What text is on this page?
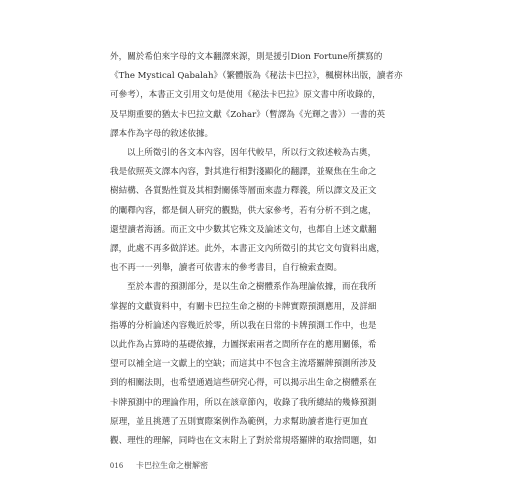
外，關於希伯來字母的文本翻譯來源，則是援引Dion Fortune所撰寫的
《The Mystical Qabalah》（繁體版為《秘法卡巴拉》，楓樹林出版，讀者亦
可參考），本書正文引用文句是使用《秘法卡巴拉》原文書中所收錄的，
及早期重要的猶太卡巴拉文獻《Zohar》（暫譯為《光輝之書》）一書的英
譯本作為字母的敘述依據。
以上所徵引的各文本內容，因年代較早，所以行文敘述較為古奧，
我是依照英文譯本內容，對其進行相對淺顯化的翻譯，並聚焦在生命之
樹結構、各質點性質及其相對關係等層面來盡力釋義，所以譯文及正文
的闡釋內容，都是個人研究的觀點，供大家參考，若有分析不到之處，
還望讀者海涵。而正文中少數其它殊文及論述文句，也都自上述文獻翻
譯，此處不再多做詳述。此外，本書正文內所徵引的其它文句資料出處，
也不再一一列舉，讀者可依書末的參考書目，自行檢索查閱。
至於本書的預測部分，是以生命之樹體系作為理論依據，而在我所
掌握的文獻資料中，有關卡巴拉生命之樹的卡牌實際預測應用，及詳細
指導的分析論述內容幾近於零，所以我在日常的卡牌預測工作中，也是
以此作為占算時的基礎依據，力圖探索兩者之間所存在的應用關係，希
望可以補全這一文獻上的空缺；而這其中不包含主流塔羅牌預測所涉及
到的相關法則，也希望通過這些研究心得，可以揭示出生命之樹體系在
卡牌預測中的理論作用，所以在該章節內，收錄了我所總結的幾條預測
原理，並且挑選了五則實際案例作為範例，力求幫助讀者進行更加直
觀、理性的理解，同時也在文末附上了對於常規塔羅牌的取捨問題，如
016 卡巴拉生命之樹解密
